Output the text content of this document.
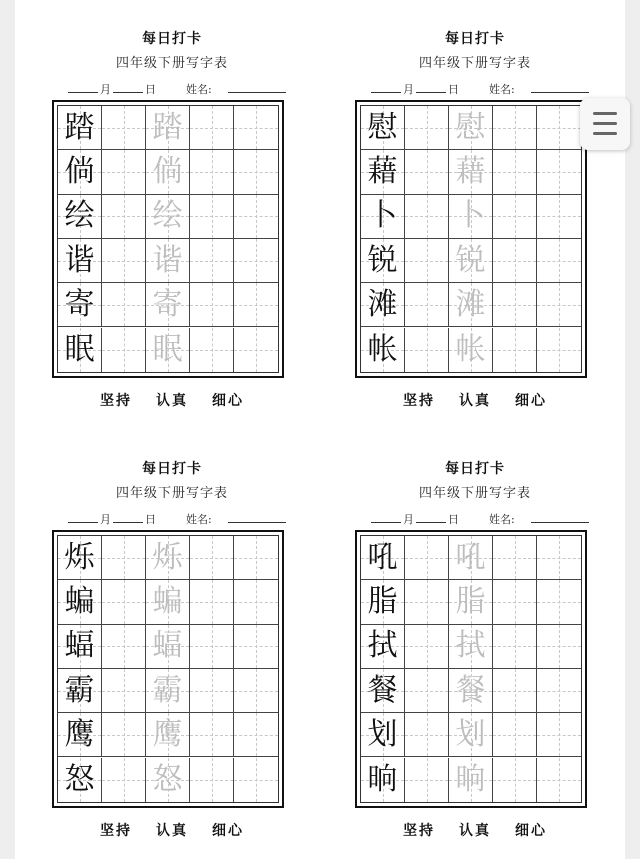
每日打卡
四年级下册写字表
月	日	姓名:
踏 踏
倘 倘
绘 绘
谐 谐
寄 寄
眠 眠
坚持 认真 细心
每日打卡
四年级下册写字表
月	日	姓名:
慰 慰
藉 藉
卜 卜
锐 锐
滩 滩
帐 帐
坚持 认真 细心
每日打卡
四年级下册写字表
月	日	姓名:
烁 烁
蝙 蝙
蝠 蝠
霸 霸
鹰 鹰
怒 怒
坚持 认真 细心
每日打卡
四年级下册写字表
月	日	姓名:
吼 吼
脂 脂
拭 拭
餐 餐
划 划
晌 晌
坚持 认真 细心
